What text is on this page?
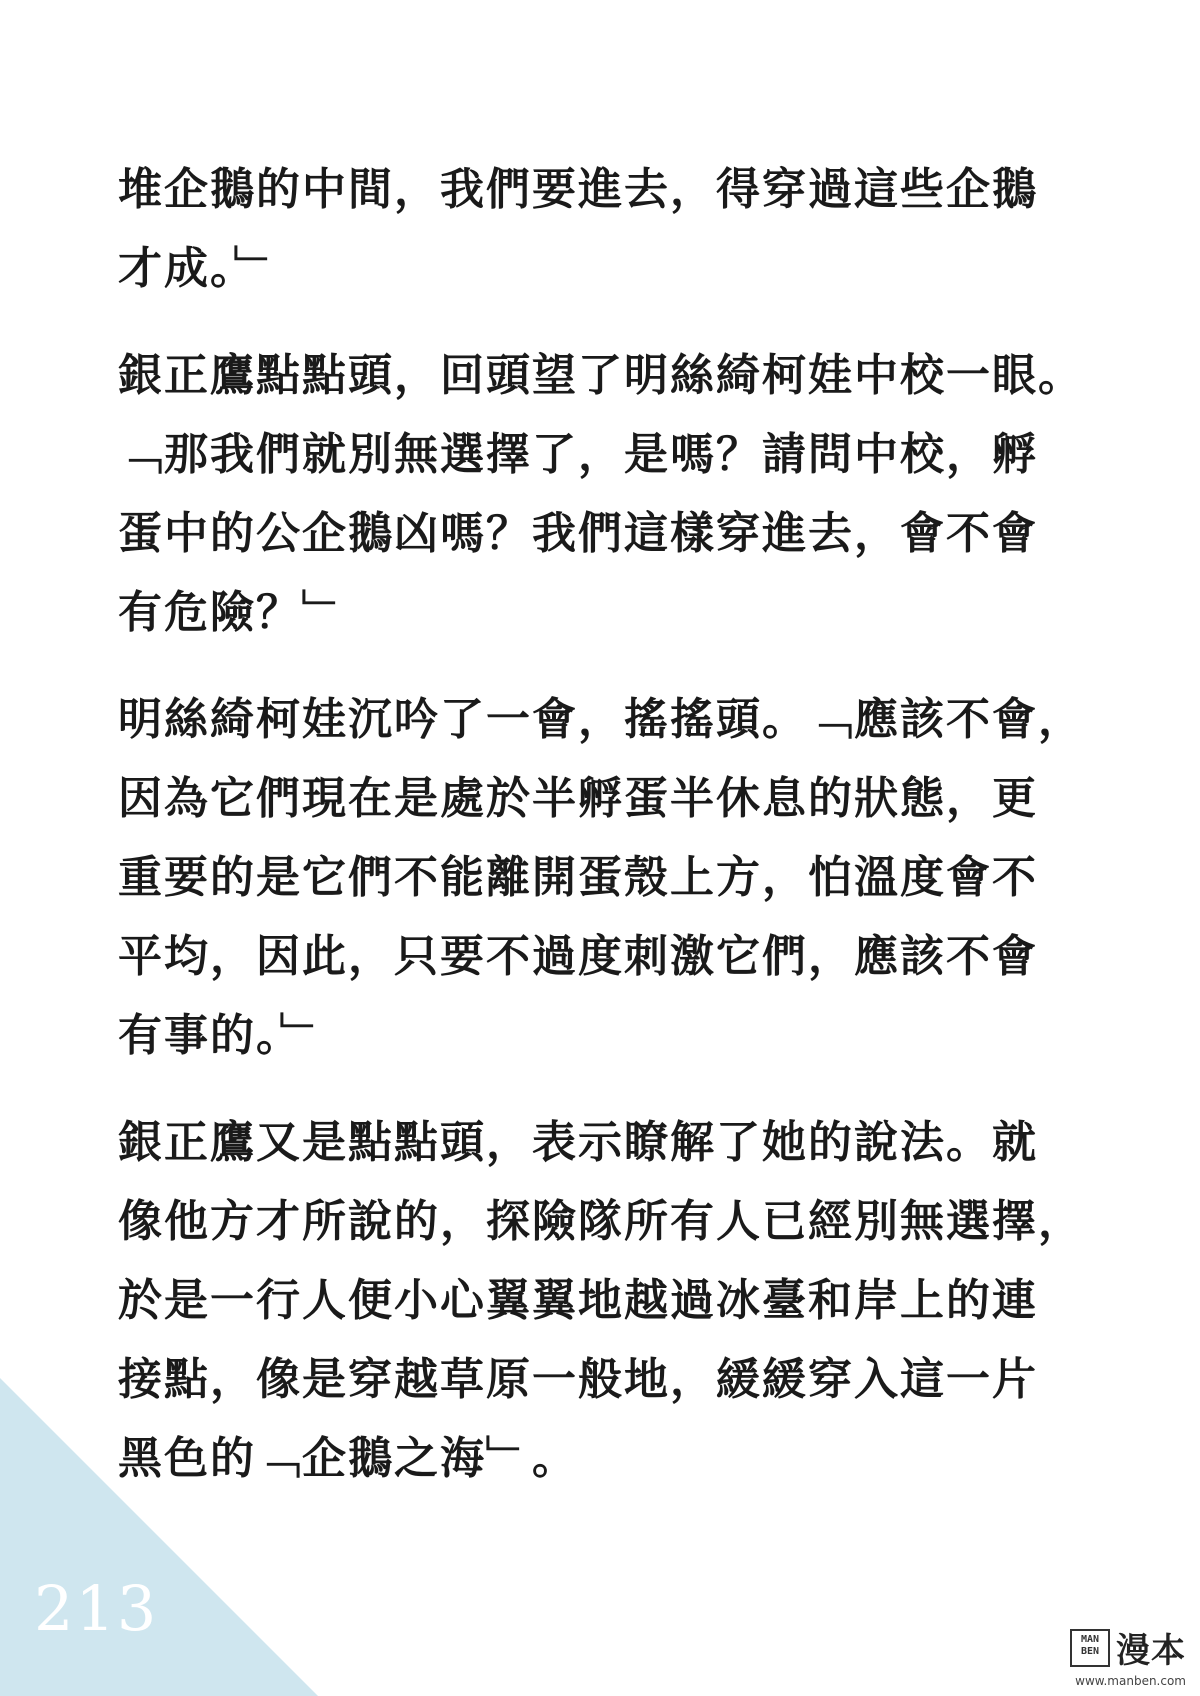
堆企鵝的中間，我們要進去，得穿過這些企鵝
才成。﹂
銀正鷹點點頭，回頭望了明絲綺柯娃中校一眼。
﹁那我們就別無選擇了，是嗎？請問中校，孵
蛋中的公企鵝凶嗎？我們這樣穿進去，會不會
有危險？﹂
明絲綺柯娃沉吟了一會，搖搖頭。﹁應該不會，
因為它們現在是處於半孵蛋半休息的狀態，更
重要的是它們不能離開蛋殼上方，怕溫度會不
平均，因此，只要不過度刺激它們，應該不會
有事的。﹂
銀正鷹又是點點頭，表示瞭解了她的說法。就
像他方才所說的，探險隊所有人已經別無選擇，
於是一行人便小心翼翼地越過冰臺和岸上的連
接點，像是穿越草原一般地，緩緩穿入這一片
黑色的﹁企鵝之海﹂。
213	MAN
BEN 漫本
www.manben.com
